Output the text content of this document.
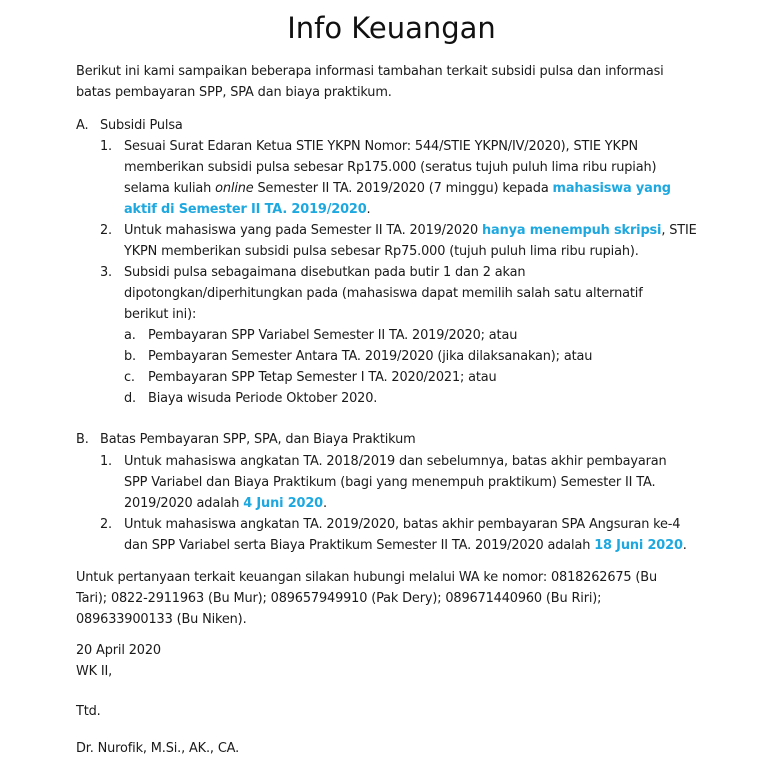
Info Keuangan
Berikut ini kami sampaikan beberapa informasi tambahan terkait subsidi pulsa dan informasi
batas pembayaran SPP, SPA dan biaya praktikum.
A. Subsidi Pulsa
1. Sesuai Surat Edaran Ketua STIE YKPN Nomor: 544/STIE YKPN/IV/2020), STIE YKPN
memberikan subsidi pulsa sebesar Rp175.000 (seratus tujuh puluh lima ribu rupiah)
selama kuliah online Semester II TA. 2019/2020 (7 minggu) kepada mahasiswa yang
aktif di Semester II TA. 2019/2020.
2. Untuk mahasiswa yang pada Semester II TA. 2019/2020 hanya menempuh skripsi, STIE
YKPN memberikan subsidi pulsa sebesar Rp75.000 (tujuh puluh lima ribu rupiah).
3. Subsidi pulsa sebagaimana disebutkan pada butir 1 dan 2 akan
dipotongkan/diperhitungkan pada (mahasiswa dapat memilih salah satu alternatif
berikut ini):
a. Pembayaran SPP Variabel Semester II TA. 2019/2020; atau
b. Pembayaran Semester Antara TA. 2019/2020 (jika dilaksanakan); atau
c. Pembayaran SPP Tetap Semester I TA. 2020/2021; atau
d. Biaya wisuda Periode Oktober 2020.
B. Batas Pembayaran SPP, SPA, dan Biaya Praktikum
1. Untuk mahasiswa angkatan TA. 2018/2019 dan sebelumnya, batas akhir pembayaran
SPP Variabel dan Biaya Praktikum (bagi yang menempuh praktikum) Semester II TA.
2019/2020 adalah 4 Juni 2020.
2. Untuk mahasiswa angkatan TA. 2019/2020, batas akhir pembayaran SPA Angsuran ke-4
dan SPP Variabel serta Biaya Praktikum Semester II TA. 2019/2020 adalah 18 Juni 2020.
Untuk pertanyaan terkait keuangan silakan hubungi melalui WA ke nomor: 0818262675 (Bu
Tari); 0822-2911963 (Bu Mur); 089657949910 (Pak Dery); 089671440960 (Bu Riri);
089633900133 (Bu Niken).
20 April 2020
WK II,
Ttd.
Dr. Nurofik, M.Si., AK., CA.
